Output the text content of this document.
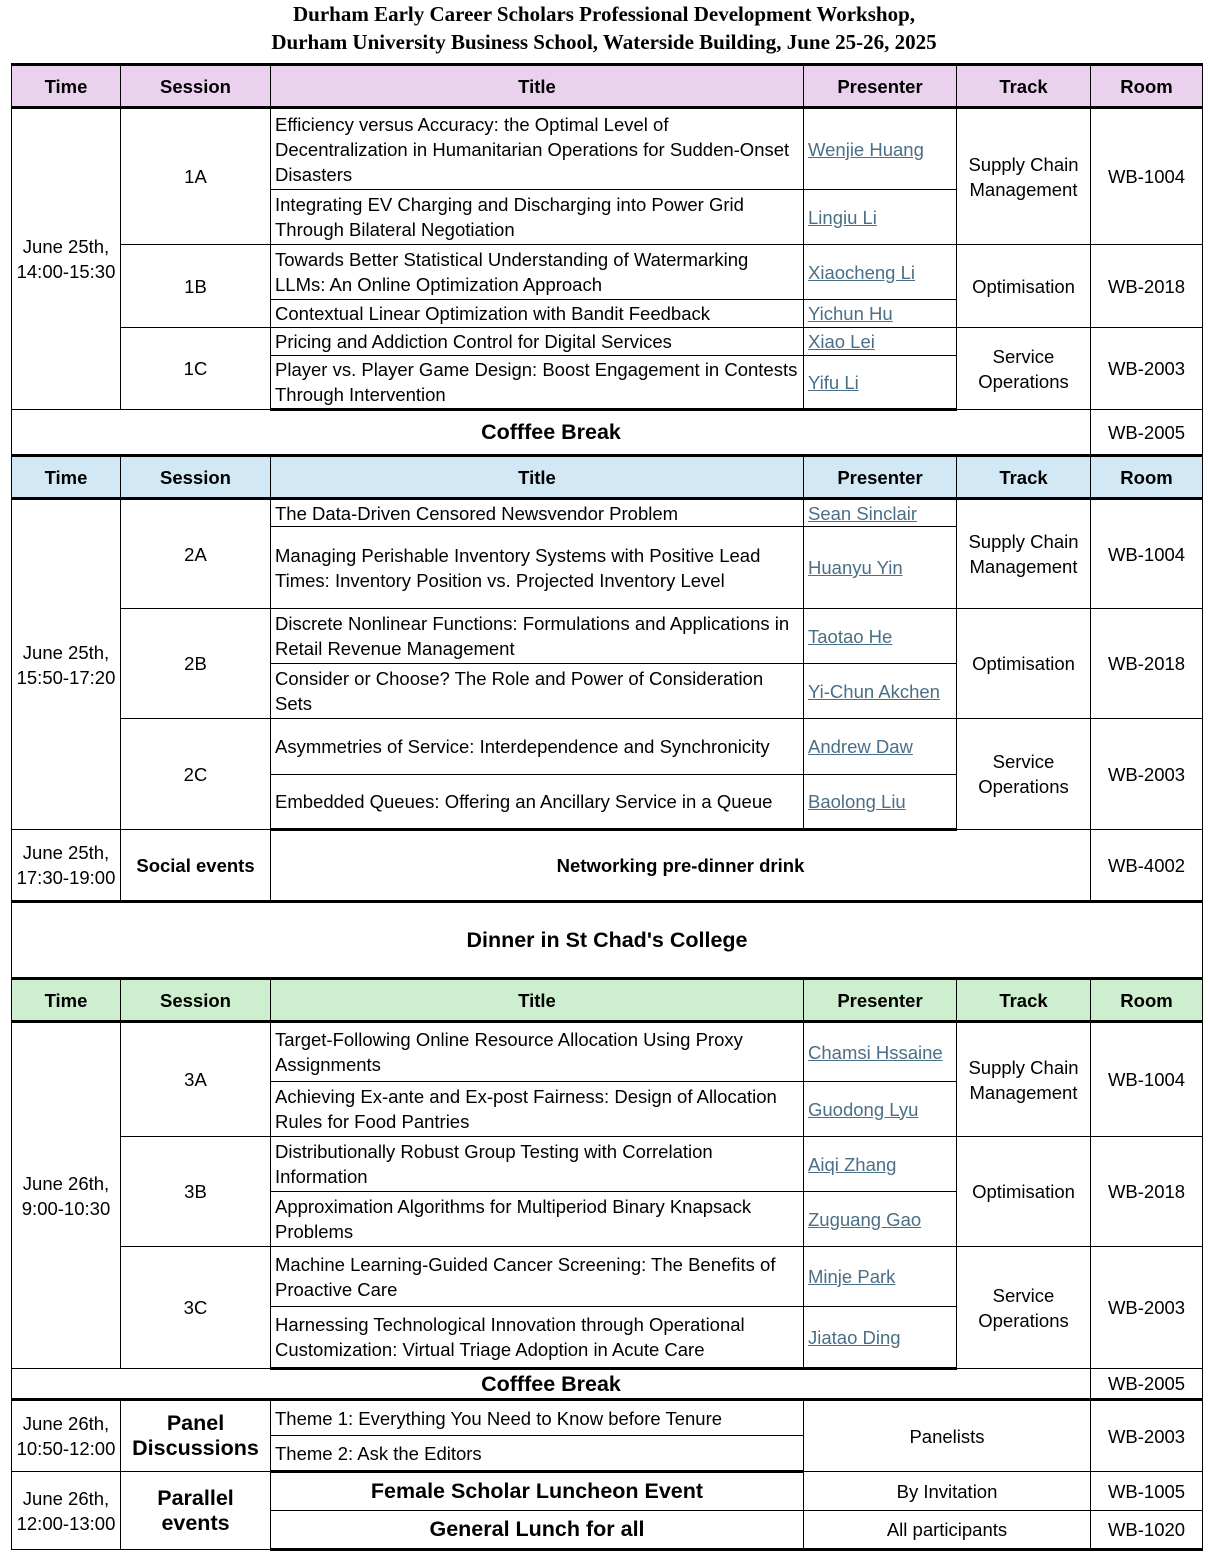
Durham Early Career Scholars Professional Development Workshop,
Durham University Business School, Waterside Building, June 25-26, 2025
Time	Session	Title	Presenter	Track	Room
June 25th, 14:00-15:30	1A	Efficiency versus Accuracy: the Optimal Level of Decentralization in Humanitarian Operations for Sudden-Onset Disasters	Wenjie Huang	Supply Chain Management	WB-1004
		Integrating EV Charging and Discharging into Power Grid Through Bilateral Negotiation	Lingiu Li		
	1B	Towards Better Statistical Understanding of Watermarking LLMs: An Online Optimization Approach	Xiaocheng Li	Optimisation	WB-2018
		Contextual Linear Optimization with Bandit Feedback	Yichun Hu		
	1C	Pricing and Addiction Control for Digital Services	Xiao Lei	Service Operations	WB-2003
		Player vs. Player Game Design: Boost Engagement in Contests Through Intervention	Yifu Li		
Cofffee Break					WB-2005
Time	Session	Title	Presenter	Track	Room
June 25th, 15:50-17:20	2A	The Data-Driven Censored Newsvendor Problem	Sean Sinclair	Supply Chain Management	WB-1004
		Managing Perishable Inventory Systems with Positive Lead Times: Inventory Position vs. Projected Inventory Level	Huanyu Yin		
	2B	Discrete Nonlinear Functions: Formulations and Applications in Retail Revenue Management	Taotao He	Optimisation	WB-2018
		Consider or Choose? The Role and Power of Consideration Sets	Yi-Chun Akchen		
	2C	Asymmetries of Service: Interdependence and Synchronicity	Andrew Daw	Service Operations	WB-2003
		Embedded Queues: Offering an Ancillary Service in a Queue	Baolong Liu		
June 25th, 17:30-19:00	Social events	Networking pre-dinner drink			WB-4002
Dinner in St Chad's College					
Time	Session	Title	Presenter	Track	Room
June 26th, 9:00-10:30	3A	Target-Following Online Resource Allocation Using Proxy Assignments	Chamsi Hssaine	Supply Chain Management	WB-1004
		Achieving Ex-ante and Ex-post Fairness: Design of Allocation Rules for Food Pantries	Guodong Lyu		
	3B	Distributionally Robust Group Testing with Correlation Information	Aiqi Zhang	Optimisation	WB-2018
		Approximation Algorithms for Multiperiod Binary Knapsack Problems	Zuguang Gao		
	3C	Machine Learning-Guided Cancer Screening: The Benefits of Proactive Care	Minje Park	Service Operations	WB-2003
		Harnessing Technological Innovation through Operational Customization: Virtual Triage Adoption in Acute Care	Jiatao Ding		
Cofffee Break					WB-2005
June 26th, 10:50-12:00	Panel Discussions	Theme 1: Everything You Need to Know before Tenure	Panelists		WB-2003
		Theme 2: Ask the Editors			
June 26th, 12:00-13:00	Parallel events	Female Scholar Luncheon Event	By Invitation		WB-1005
		General Lunch for all	All participants		WB-1020
